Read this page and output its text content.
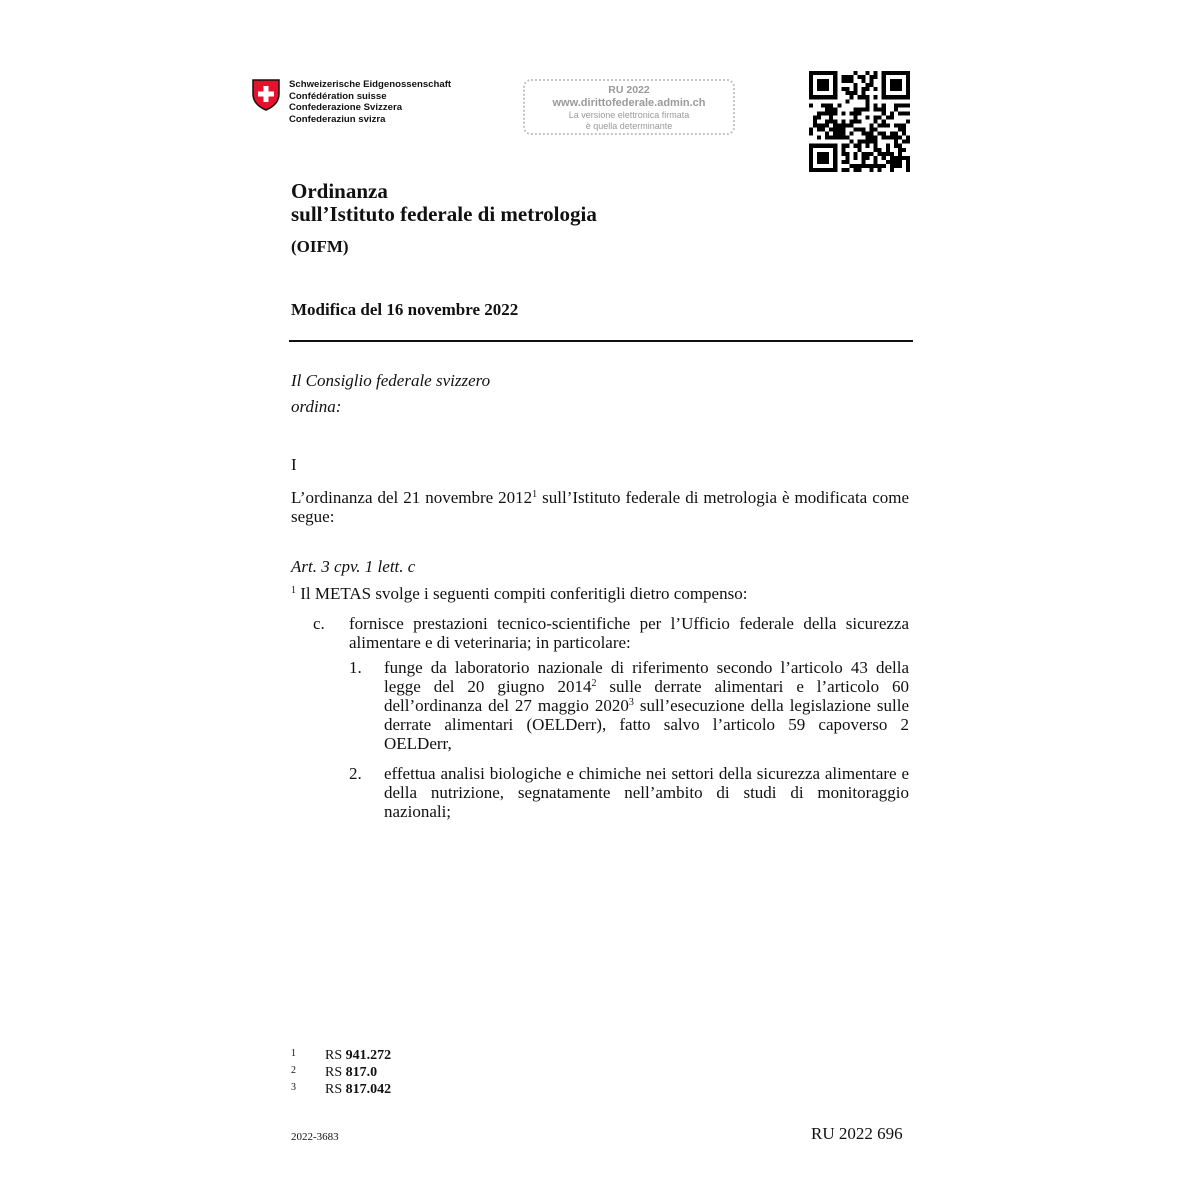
Schweizerische Eidgenossenschaft
Confédération suisse
Confederazione Svizzera
Confederaziun svizra
RU 2022
www.dirittofederale.admin.ch
La versione elettronica firmata
è quella determinante
Ordinanza
sull’Istituto federale di metrologia
(OIFM)
Modifica del 16 novembre 2022
Il Consiglio federale svizzero
ordina:
I
L’ordinanza del 21 novembre 2012$^1$ sull’Istituto federale di metrologia è modificata come segue:
Art. 3 cpv. 1 lett. c
$^1$ Il METAS svolge i seguenti compiti conferitigli dietro compenso:
c. fornisce prestazioni tecnico-scientifiche per l’Ufficio federale della sicurezza alimentare e di veterinaria; in particolare:
1. funge da laboratorio nazionale di riferimento secondo l’articolo 43 della legge del 20 giugno 2014$^2$ sulle derrate alimentari e l’articolo 60 dell’ordinanza del 27 maggio 2020$^3$ sull’esecuzione della legislazione sulle derrate alimentari (OELDerr), fatto salvo l’articolo 59 capoverso 2 OELDerr,
2. effettua analisi biologiche e chimiche nei settori della sicurezza alimentare e della nutrizione, segnatamente nell’ambito di studi di monitoraggio nazionali;
1 RS 941.272
2 RS 817.0
3 RS 817.042
2022-3683	RU 2022 696
